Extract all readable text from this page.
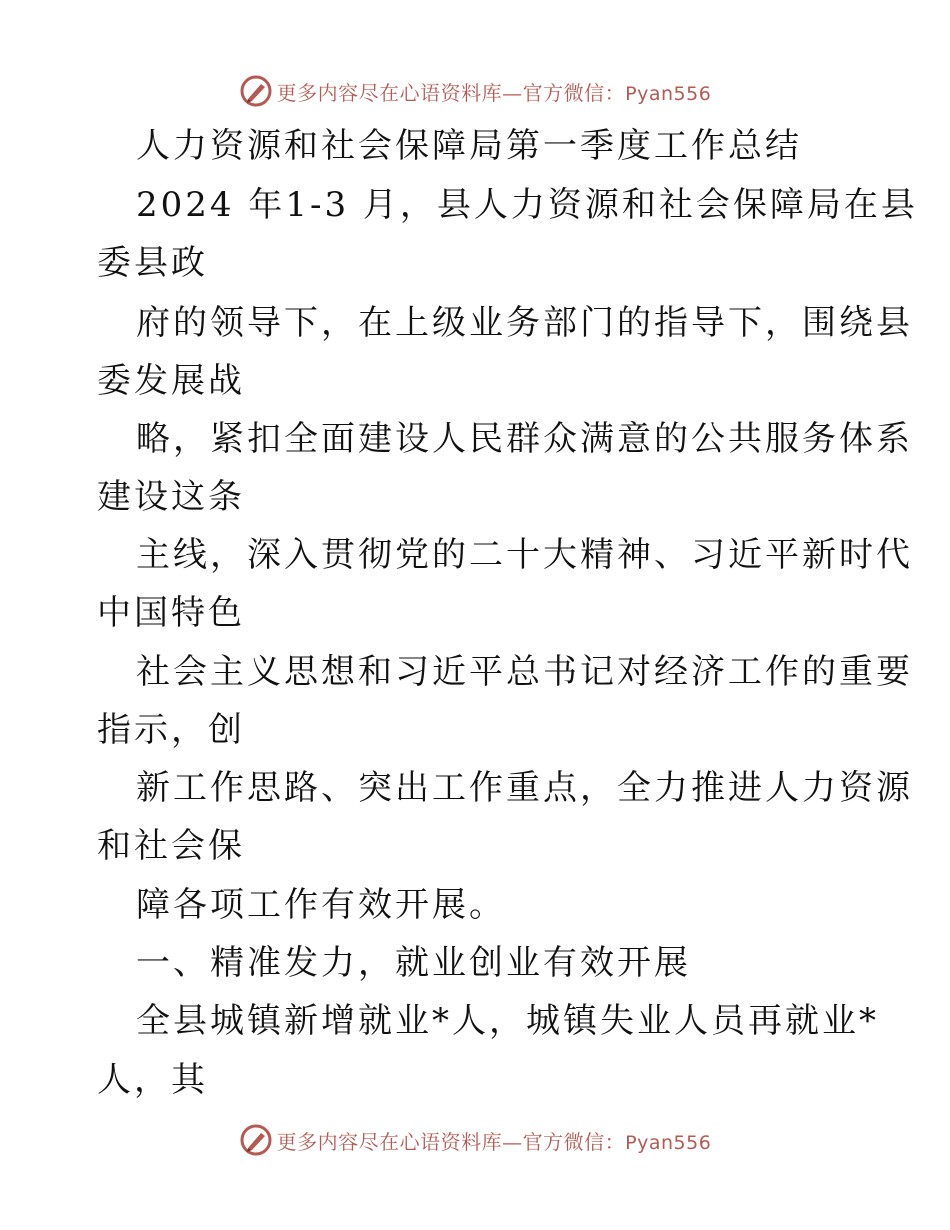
更多内容尽在心语资料库—官方微信：Pyan556
人力资源和社会保障局第一季度工作总结
2024 年1-3 月，县人力资源和社会保障局在县
委县政
府的领导下，在上级业务部门的指导下，围绕县
委发展战
略，紧扣全面建设人民群众满意的公共服务体系
建设这条
主线，深入贯彻党的二十大精神、习近平新时代
中国特色
社会主义思想和习近平总书记对经济工作的重要
指示，创
新工作思路、突出工作重点，全力推进人力资源
和社会保
障各项工作有效开展。
一、精准发力，就业创业有效开展
全县城镇新增就业*人，城镇失业人员再就业*
人，其
更多内容尽在心语资料库—官方微信：Pyan556
